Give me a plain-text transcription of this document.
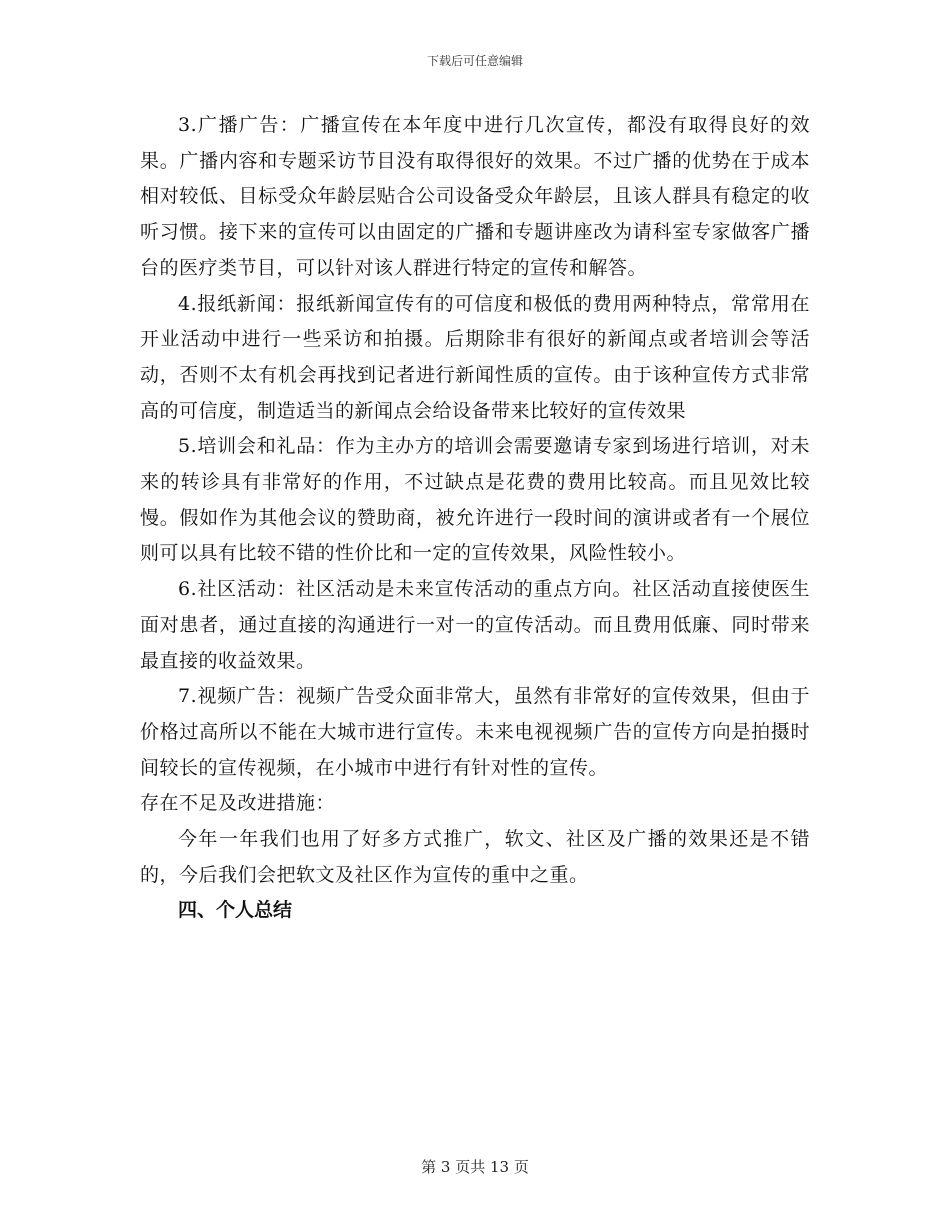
下载后可任意编辑

3.广播广告：广播宣传在本年度中进行几次宣传，都没有取得良好的效果。广播内容和专题采访节目没有取得很好的效果。不过广播的优势在于成本相对较低、目标受众年龄层贴合公司设备受众年龄层，且该人群具有稳定的收听习惯。接下来的宣传可以由固定的广播和专题讲座改为请科室专家做客广播台的医疗类节目，可以针对该人群进行特定的宣传和解答。

4.报纸新闻：报纸新闻宣传有的可信度和极低的费用两种特点，常常用在开业活动中进行一些采访和拍摄。后期除非有很好的新闻点或者培训会等活动，否则不太有机会再找到记者进行新闻性质的宣传。由于该种宣传方式非常高的可信度，制造适当的新闻点会给设备带来比较好的宣传效果

5.培训会和礼品：作为主办方的培训会需要邀请专家到场进行培训，对未来的转诊具有非常好的作用，不过缺点是花费的费用比较高。而且见效比较慢。假如作为其他会议的赞助商，被允许进行一段时间的演讲或者有一个展位则可以具有比较不错的性价比和一定的宣传效果，风险性较小。

6.社区活动：社区活动是未来宣传活动的重点方向。社区活动直接使医生面对患者，通过直接的沟通进行一对一的宣传活动。而且费用低廉、同时带来最直接的收益效果。

7.视频广告：视频广告受众面非常大，虽然有非常好的宣传效果，但由于价格过高所以不能在大城市进行宣传。未来电视视频广告的宣传方向是拍摄时间较长的宣传视频，在小城市中进行有针对性的宣传。

存在不足及改进措施：

今年一年我们也用了好多方式推广，软文、社区及广播的效果还是不错的，今后我们会把软文及社区作为宣传的重中之重。

四、个人总结

第 3 页共 13 页
